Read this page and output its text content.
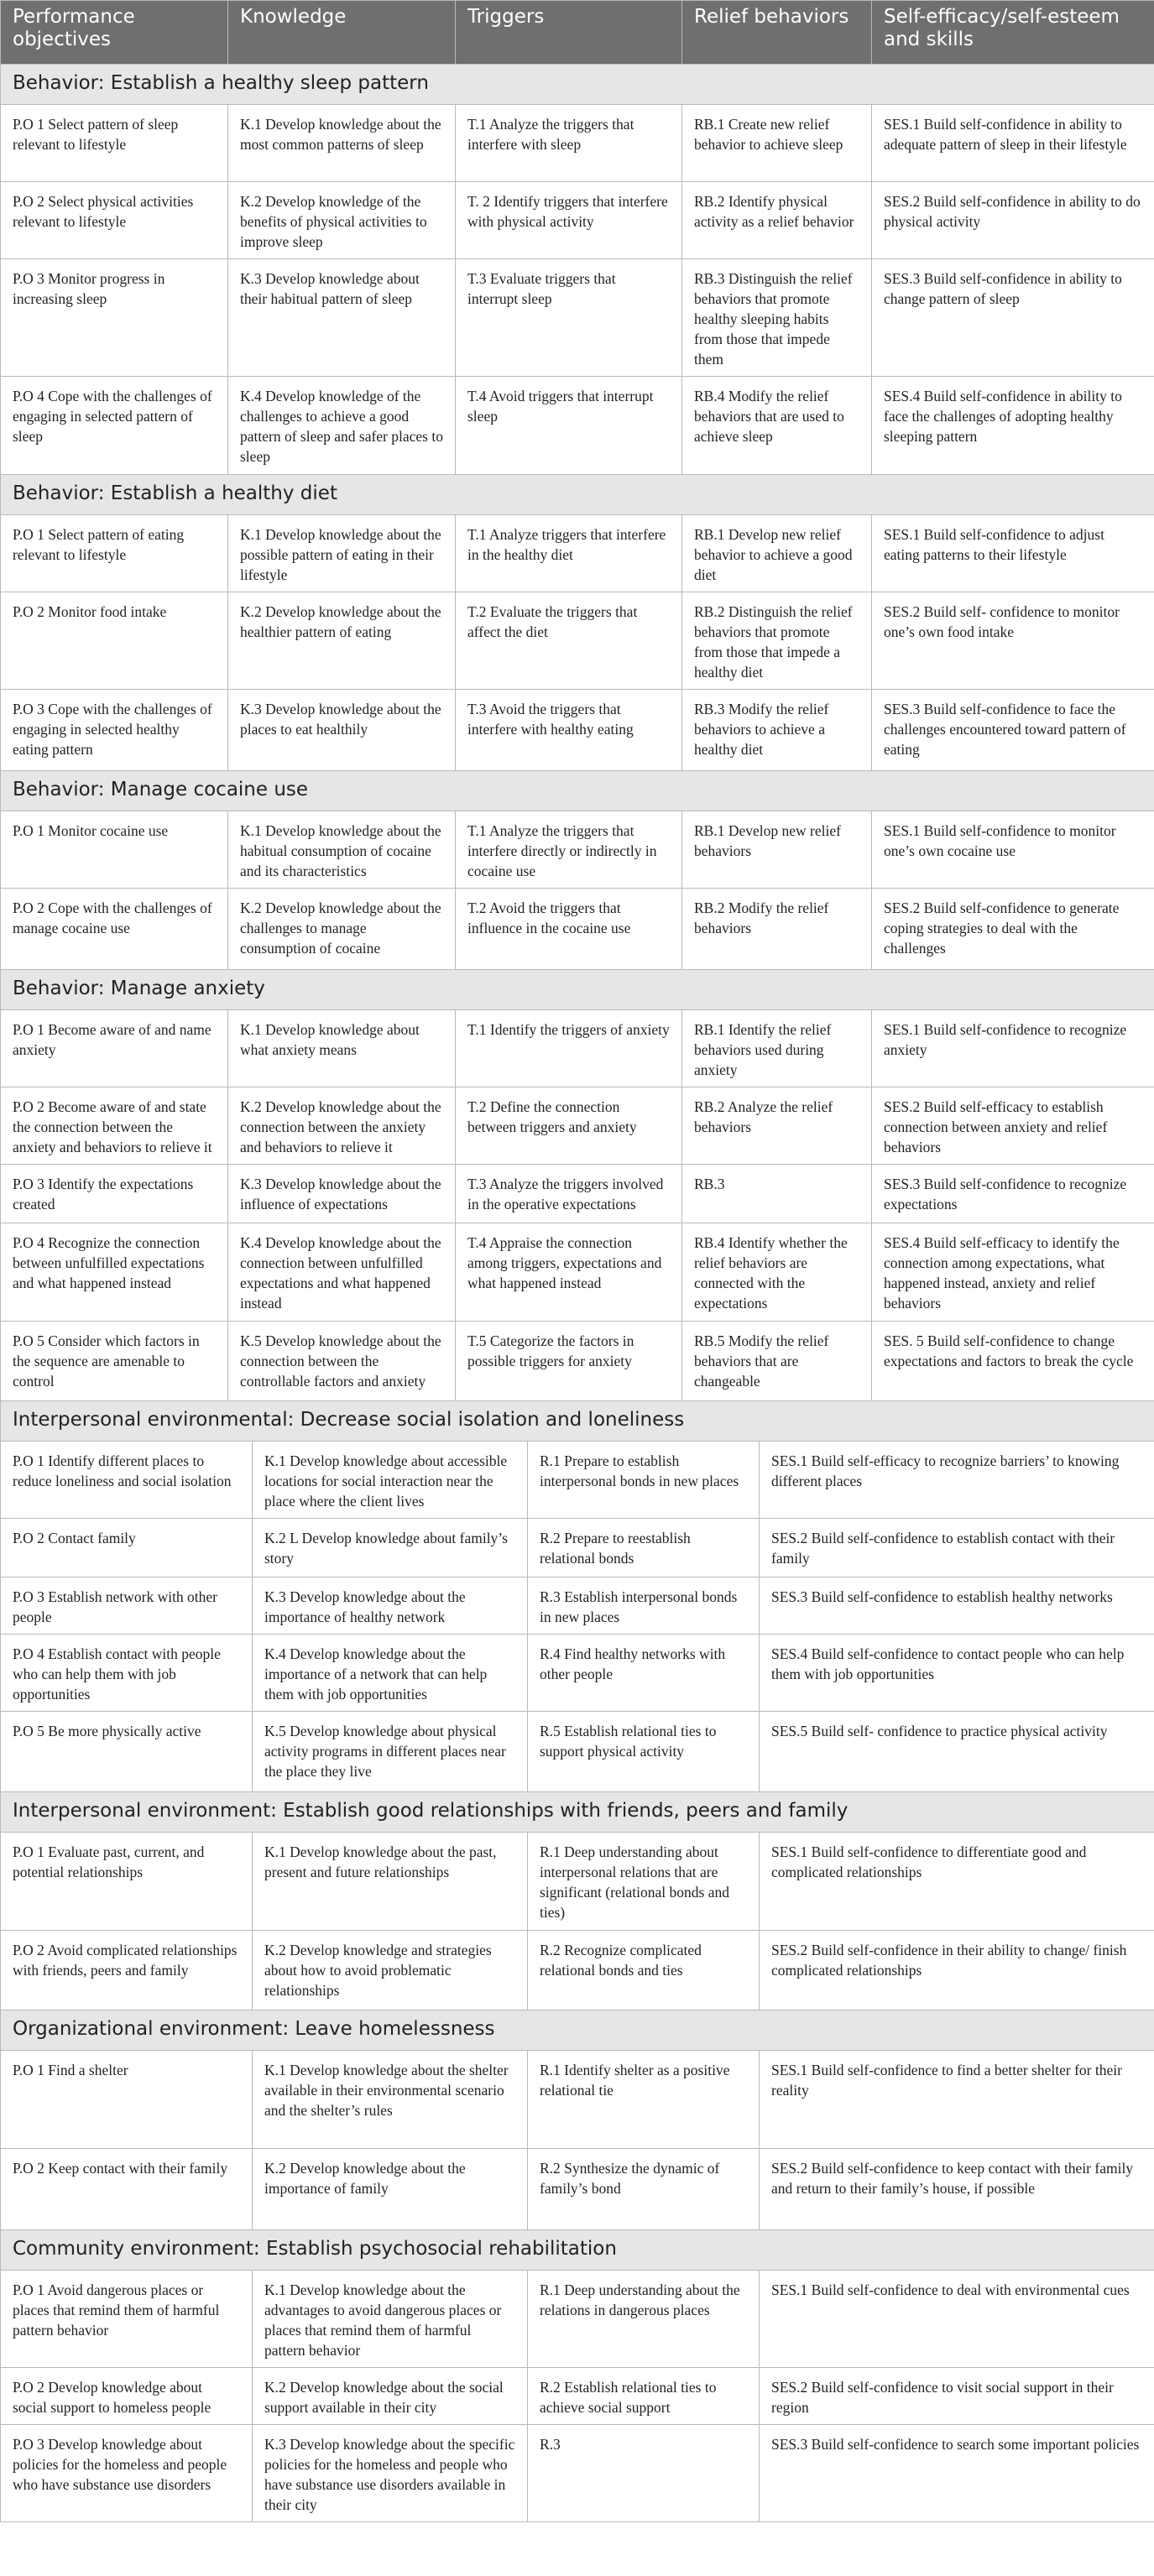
Performance objectives	Knowledge		Triggers		Relief behaviors		Self-efficacy/self-esteem and skills
Behavior: Establish a healthy sleep pattern							
P.O 1 Select pattern of sleep relevant to lifestyle	K.1 Develop knowledge about the most common patterns of sleep		T.1 Analyze the triggers that interfere with sleep		RB.1 Create new relief behavior to achieve sleep		SES.1 Build self-confidence in ability to adequate pattern of sleep in their lifestyle
P.O 2 Select physical activities relevant to lifestyle	K.2 Develop knowledge of the benefits of physical activities to improve sleep		T. 2 Identify triggers that interfere with physical activity		RB.2 Identify physical activity as a relief behavior		SES.2 Build self-confidence in ability to do physical activity
P.O 3 Monitor progress in increasing sleep	K.3 Develop knowledge about their habitual pattern of sleep		T.3 Evaluate triggers that interrupt sleep		RB.3 Distinguish the relief behaviors that promote healthy sleeping habits from those that impede them		SES.3 Build self-confidence in ability to change pattern of sleep
P.O 4 Cope with the challenges of engaging in selected pattern of sleep	K.4 Develop knowledge of the challenges to achieve a good pattern of sleep and safer places to sleep		T.4 Avoid triggers that interrupt sleep		RB.4 Modify the relief behaviors that are used to achieve sleep		SES.4 Build self-confidence in ability to face the challenges of adopting healthy sleeping pattern
Behavior: Establish a healthy diet							
P.O 1 Select pattern of eating relevant to lifestyle	K.1 Develop knowledge about the possible pattern of eating in their lifestyle		T.1 Analyze triggers that interfere in the healthy diet		RB.1 Develop new relief behavior to achieve a good diet		SES.1 Build self-confidence to adjust eating patterns to their lifestyle
P.O 2 Monitor food intake	K.2 Develop knowledge about the healthier pattern of eating		T.2 Evaluate the triggers that affect the diet		RB.2 Distinguish the relief behaviors that promote from those that impede a healthy diet		SES.2 Build self- confidence to monitor one’s own food intake
P.O 3 Cope with the challenges of engaging in selected healthy eating pattern	K.3 Develop knowledge about the places to eat healthily		T.3 Avoid the triggers that interfere with healthy eating		RB.3 Modify the relief behaviors to achieve a healthy diet		SES.3 Build self-confidence to face the challenges encountered toward pattern of eating
Behavior: Manage cocaine use							
P.O 1 Monitor cocaine use	K.1 Develop knowledge about the habitual consumption of cocaine and its characteristics		T.1 Analyze the triggers that interfere directly or indirectly in cocaine use		RB.1 Develop new relief behaviors		SES.1 Build self-confidence to monitor one’s own cocaine use
P.O 2 Cope with the challenges of manage cocaine use	K.2 Develop knowledge about the challenges to manage consumption of cocaine		T.2 Avoid the triggers that influence in the cocaine use		RB.2 Modify the relief behaviors		SES.2 Build self-confidence to generate coping strategies to deal with the challenges
Behavior: Manage anxiety							
P.O 1 Become aware of and name anxiety	K.1 Develop knowledge about what anxiety means		T.1 Identify the triggers of anxiety		RB.1 Identify the relief behaviors used during anxiety		SES.1 Build self-confidence to recognize anxiety
P.O 2 Become aware of and state the connection between the anxiety and behaviors to relieve it	K.2 Develop knowledge about the connection between the anxiety and behaviors to relieve it		T.2 Define the connection between triggers and anxiety		RB.2 Analyze the relief behaviors		SES.2 Build self-efficacy to establish connection between anxiety and relief behaviors
P.O 3 Identify the expectations created	K.3 Develop knowledge about the influence of expectations		T.3 Analyze the triggers involved in the operative expectations		RB.3		SES.3 Build self-confidence to recognize expectations
P.O 4 Recognize the connection between unfulfilled expectations and what happened instead	K.4 Develop knowledge about the connection between unfulfilled expectations and what happened instead		T.4 Appraise the connection among triggers, expectations and what happened instead		RB.4 Identify whether the relief behaviors are connected with the expectations		SES.4 Build self-efficacy to identify the connection among expectations, what happened instead, anxiety and relief behaviors
P.O 5 Consider which factors in the sequence are amenable to control	K.5 Develop knowledge about the connection between the controllable factors and anxiety		T.5 Categorize the factors in possible triggers for anxiety		RB.5 Modify the relief behaviors that are changeable		SES. 5 Build self-confidence to change expectations and factors to break the cycle
Interpersonal environmental: Decrease social isolation and loneliness							
P.O 1 Identify different places to reduce loneliness and social isolation		K.1 Develop knowledge about accessible locations for social interaction near the place where the client lives		R.1 Prepare to establish interpersonal bonds in new places		SES.1 Build self-efficacy to recognize barriers’ to knowing different places	
P.O 2 Contact family		K.2 L Develop knowledge about family’s story		R.2 Prepare to reestablish relational bonds		SES.2 Build self-confidence to establish contact with their family	
P.O 3 Establish network with other people		K.3 Develop knowledge about the importance of healthy network		R.3 Establish interpersonal bonds in new places		SES.3 Build self-confidence to establish healthy networks	
P.O 4 Establish contact with people who can help them with job opportunities		K.4 Develop knowledge about the importance of a network that can help them with job opportunities		R.4 Find healthy networks with other people		SES.4 Build self-confidence to contact people who can help them with job opportunities	
P.O 5 Be more physically active		K.5 Develop knowledge about physical activity programs in different places near the place they live		R.5 Establish relational ties to support physical activity		SES.5 Build self- confidence to practice physical activity	
Interpersonal environment: Establish good relationships with friends, peers and family							
P.O 1 Evaluate past, current, and potential relationships		K.1 Develop knowledge about the past, present and future relationships		R.1 Deep understanding about interpersonal relations that are significant (relational bonds and ties)		SES.1 Build self-confidence to differentiate good and complicated relationships	
P.O 2 Avoid complicated relationships with friends, peers and family		K.2 Develop knowledge and strategies about how to avoid problematic relationships		R.2 Recognize complicated relational bonds and ties		SES.2 Build self-confidence in their ability to change/ finish complicated relationships	
Organizational environment: Leave homelessness							
P.O 1 Find a shelter		K.1 Develop knowledge about the shelter available in their environmental scenario and the shelter’s rules		R.1 Identify shelter as a positive relational tie		SES.1 Build self-confidence to find a better shelter for their reality	
P.O 2 Keep contact with their family		K.2 Develop knowledge about the importance of family		R.2 Synthesize the dynamic of family’s bond		SES.2 Build self-confidence to keep contact with their family and return to their family’s house, if possible	
Community environment: Establish psychosocial rehabilitation							
P.O 1 Avoid dangerous places or places that remind them of harmful pattern behavior		K.1 Develop knowledge about the advantages to avoid dangerous places or places that remind them of harmful pattern behavior		R.1 Deep understanding about the relations in dangerous places		SES.1 Build self-confidence to deal with environmental cues	
P.O 2 Develop knowledge about social support to homeless people		K.2 Develop knowledge about the social support available in their city		R.2 Establish relational ties to achieve social support		SES.2 Build self-confidence to visit social support in their region	
P.O 3 Develop knowledge about policies for the homeless and people who have substance use disorders		K.3 Develop knowledge about the specific policies for the homeless and people who have substance use disorders available in their city		R.3		SES.3 Build self-confidence to search some important policies	
